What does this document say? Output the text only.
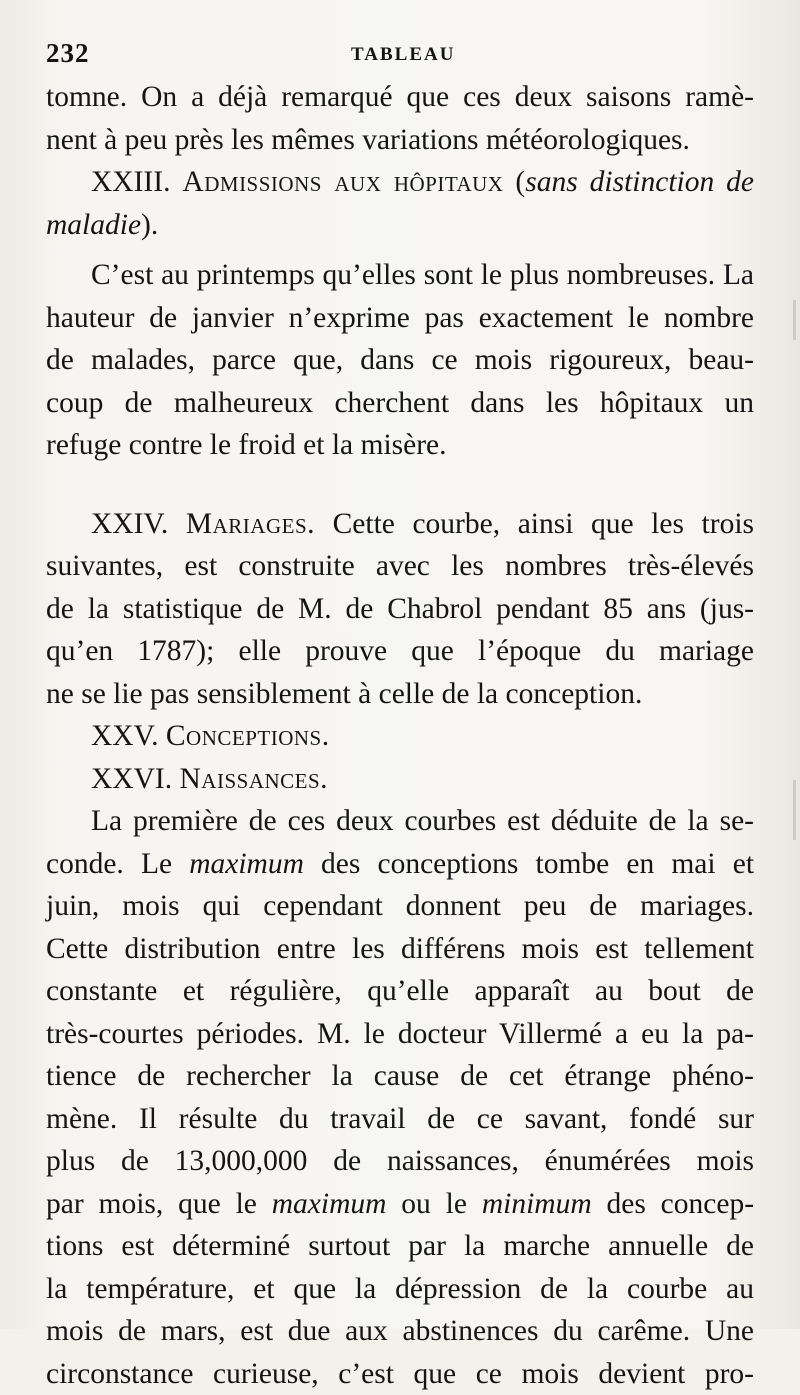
232	TABLEAU
tomne. On a déjà remarqué que ces deux saisons ramè-
nent à peu près les mêmes variations météorologiques.
XXIII. Admissions aux hôpitaux (sans distinction de
maladie).
C’est au printemps qu’elles sont le plus nombreuses. La
hauteur de janvier n’exprime pas exactement le nombre
de malades, parce que, dans ce mois rigoureux, beau-
coup de malheureux cherchent dans les hôpitaux un
refuge contre le froid et la misère.
XXIV. Mariages. Cette courbe, ainsi que les trois
suivantes, est construite avec les nombres très-élevés
de la statistique de M. de Chabrol pendant 85 ans (jus-
qu’en 1787); elle prouve que l’époque du mariage
ne se lie pas sensiblement à celle de la conception.
XXV. Conceptions.
XXVI. Naissances.
La première de ces deux courbes est déduite de la se-
conde. Le maximum des conceptions tombe en mai et
juin, mois qui cependant donnent peu de mariages.
Cette distribution entre les différens mois est tellement
constante et régulière, qu’elle apparaît au bout de
très-courtes périodes. M. le docteur Villermé a eu la pa-
tience de rechercher la cause de cet étrange phéno-
mène. Il résulte du travail de ce savant, fondé sur
plus de 13,000,000 de naissances, énumérées mois
par mois, que le maximum ou le minimum des concep-
tions est déterminé surtout par la marche annuelle de
la température, et que la dépression de la courbe au
mois de mars, est due aux abstinences du carême. Une
circonstance curieuse, c’est que ce mois devient pro-
